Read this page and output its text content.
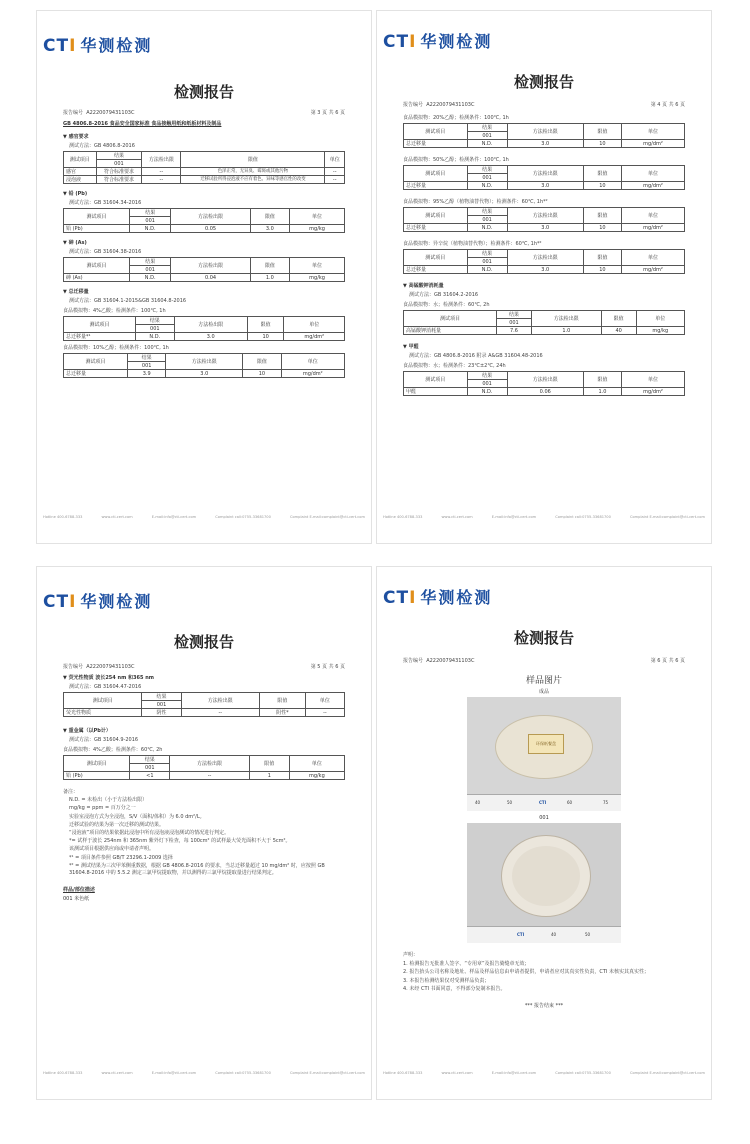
CTI 华测检测
检测报告
报告编号 A2220079431103C	第 3 页 共 6 页
GB 4806.8-2016 食品安全国家标准 食品接触用纸和纸板材料及制品
▼ 感官要求
测试方法：GB 4806.8-2016
测试项目	结果	方法检出限	限值	单位
	001			
感官	符合标准要求	--	色泽正常，无异臭、霉斑或其他污物	--
浸泡液	符合标准要求	--	迁移试验所得浸泡液不应有着色、异味等感官性的改变	--
▼ 铅 (Pb)
测试方法：GB 31604.34-2016
测试项目	结果	方法检出限	限值	单位
	001			
铅 (Pb)	N.D.	0.05	3.0	mg/kg
▼ 砷 (As)
测试方法：GB 31604.38-2016
测试项目	结果	方法检出限	限值	单位
	001			
砷 (As)	N.D.	0.04	1.0	mg/kg
▼ 总迁移量
测试方法：GB 31604.1-2015&GB 31604.8-2016
食品模拟物：4%乙酸；检测条件：100℃, 1h
测试项目	结果	方法检出限	限值	单位
	001			
总迁移量*¹	N.D.	3.0	10	mg/dm²
食品模拟物：10%乙醇；检测条件：100℃, 1h
测试项目	结果	方法检出限	限值	单位
	001			
总迁移量	3.9	3.0	10	mg/dm²
Hotline 400-6788-333	www.cti-cert.com	E-mail:info@cti-cert.com	Complaint call:0755-33681700	Complaint E-mail:complaint@cti-cert.com
CTI 华测检测
检测报告
报告编号 A2220079431103C	第 4 页 共 6 页
食品模拟物：20%乙醇；检测条件：100℃, 1h
测试项目	结果	方法检出限	限值	单位
	001			
总迁移量	N.D.	3.0	10	mg/dm²
食品模拟物：50%乙醇；检测条件：100℃, 1h
测试项目	结果	方法检出限	限值	单位
	001			
总迁移量	N.D.	3.0	10	mg/dm²
食品模拟物：95%乙醇（植物油替代物）；检测条件：60℃, 1h*²
测试项目	结果	方法检出限	限值	单位
	001			
总迁移量	N.D.	3.0	10	mg/dm²
食品模拟物：异辛烷（植物油替代物）；检测条件：60℃, 1h*²
测试项目	结果	方法检出限	限值	单位
	001			
总迁移量	N.D.	3.0	10	mg/dm²
▼ 高锰酸钾消耗量
测试方法：GB 31604.2-2016
食品模拟物：水；检测条件：60℃, 2h
测试项目	结果	方法检出限	限值	单位
	001			
高锰酸钾消耗量	7.6	1.0	40	mg/kg
▼ 甲醛
测试方法：GB 4806.8-2016 附录 A&GB 31604.48-2016
食品模拟物：水；检测条件：23℃±2℃, 24h
测试项目	结果	方法检出限	限值	单位
	001			
甲醛	N.D.	0.06	1.0	mg/dm²
Hotline 400-6788-333	www.cti-cert.com	E-mail:info@cti-cert.com	Complaint call:0755-33681700	Complaint E-mail:complaint@cti-cert.com
CTI 华测检测
检测报告
报告编号 A2220079431103C	第 5 页 共 6 页
▼ 荧光性物质 波长254 nm 和365 nm
测试方法：GB 31604.47-2016
测试项目	结果	方法检出限	限值	单位
	001			
荧光性物质	阴性	--	阴性*	--
▼ 重金属（以Pb计）
测试方法：GB 31604.9-2016
食品模拟物：4%乙酸；检测条件：60℃, 2h
测试项目	结果	方法检出限	限值	单位
	001			
铅 (Pb)	<1	--	1	mg/kg
备注：
N.D. = 未检出（小于方法检出限）
mg/kg = ppm = 百万分之一
实验室浸泡方式为全浸泡，S/V（面积/体积）为 6.0 dm²/L。
迁移试验的结果为第一次迁移的测试结果。
“浸泡液”项目的结果依据此浸泡中所有浸泡液浸泡测试的情况进行判定。
*= 试样于波长 254nm 和 365nm 紫外灯下检查，每 100cm² 的试样最大荧光面积不大于 5cm²。
该测试项目根据供应商或申请者声明。
*¹ = 项目条件参照 GB/T 23296.1-2009 选择
*² = 测试结果为三次甲苯侧重数据，根据 GB 4806.8-2016 的要求，当总迁移量超过 10 mg/dm² 时，应按照 GB 31604.8-2016 中的 5.5.2 测定三氯甲烷提取物，并以测得的三氯甲烷提取量进行结果判定。
样品/部位描述
001 米色纸
Hotline 400-6788-333	www.cti-cert.com	E-mail:info@cti-cert.com	Complaint call:0755-33681700	Complaint E-mail:complaint@cti-cert.com
CTI 华测检测
检测报告
报告编号 A2220079431103C	第 6 页 共 6 页
样品图片
成品
环保纸餐盘
40	50	CTI	60	75
001
CTI	40	50
声明：
1. 检测报告无批准人签字、“专用章”及报告骑缝章无效；
2. 报告抬头公司名称及地址、样品及样品信息由申请者提供，申请者应对其真实性负责，CTI 未核实其真实性；
3. 本报告检测结果仅对受测样品负责；
4. 未经 CTI 书面同意，不得部分复制本报告。
*** 报告结束 ***
Hotline 400-6788-333	www.cti-cert.com	E-mail:info@cti-cert.com	Complaint call:0755-33681700	Complaint E-mail:complaint@cti-cert.com
